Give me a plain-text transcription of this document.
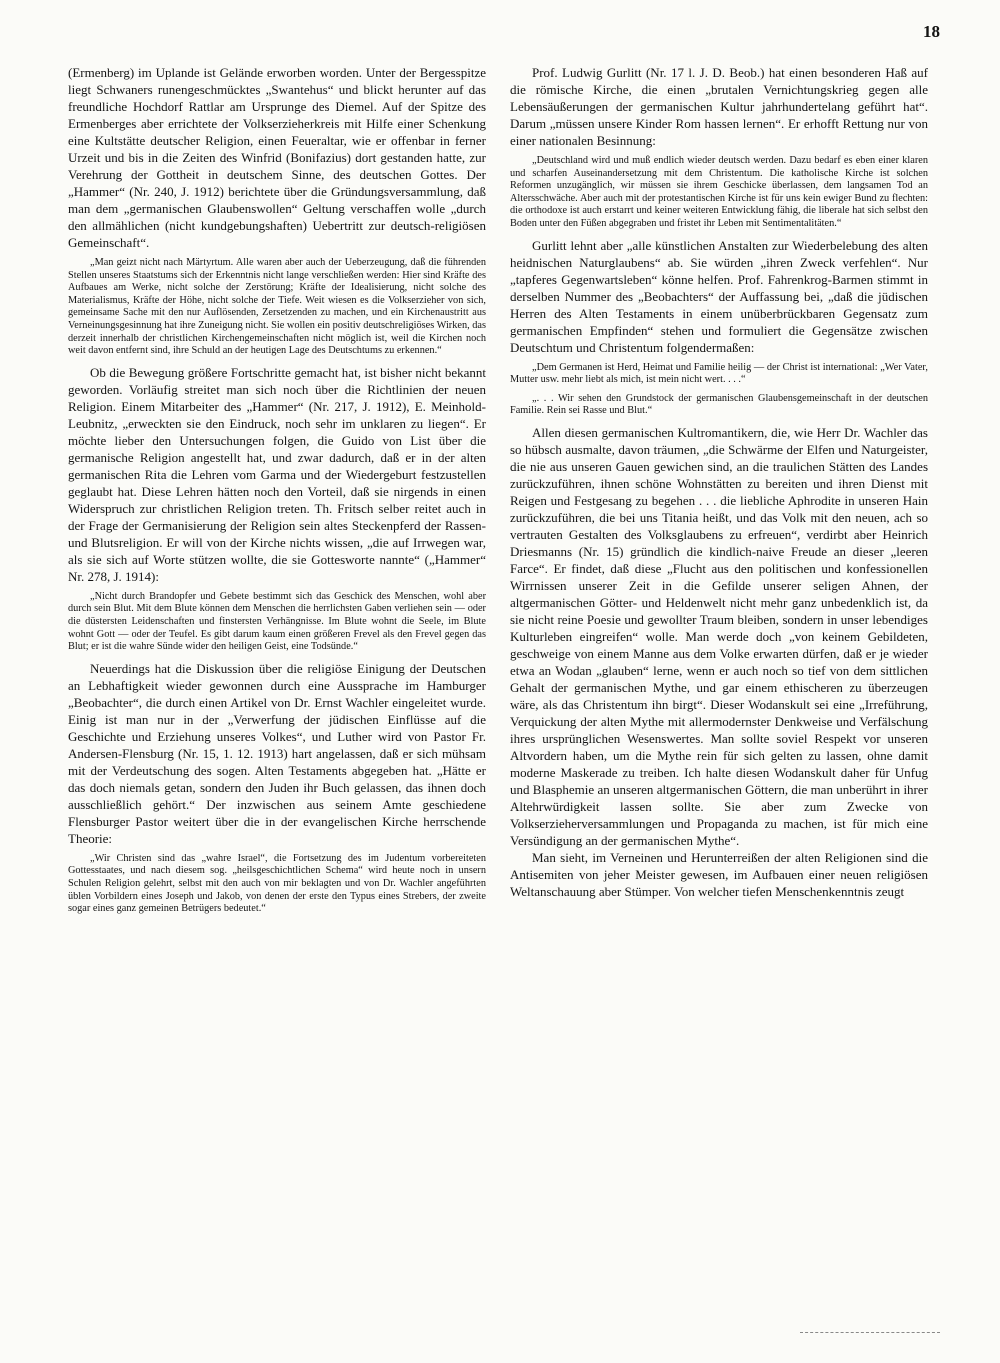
18

(Ermenberg) im Uplande ist Gelände erworben worden. Unter der Bergesspitze liegt Schwaners runengeschmücktes „Swantehus“ und blickt herunter auf das freundliche Hochdorf Rattlar am Ursprunge des Diemel. Auf der Spitze des Ermenberges aber errichtete der Volkserzieherkreis mit Hilfe einer Schenkung eine Kultstätte deutscher Religion, einen Feueraltar, wie er offenbar in ferner Urzeit und bis in die Zeiten des Winfrid (Bonifazius) dort gestanden hatte, zur Verehrung der Gottheit in deutschem Sinne, des deutschen Gottes. Der „Hammer“ (Nr. 240, J. 1912) berichtete über die Gründungsversammlung, daß man dem „germanischen Glaubenswollen“ Geltung verschaffen wolle „durch den allmählichen (nicht kundgebungshaften) Uebertritt zur deutsch-religiösen Gemeinschaft“.

„Man geizt nicht nach Märtyrtum. Alle waren aber auch der Ueberzeugung, daß die führenden Stellen unseres Staatstums sich der Erkenntnis nicht lange verschließen werden: Hier sind Kräfte des Aufbaues am Werke, nicht solche der Zerstörung; Kräfte der Idealisierung, nicht solche des Materialismus, Kräfte der Höhe, nicht solche der Tiefe. Weit wiesen es die Volkserzieher von sich, gemeinsame Sache mit den nur Auflösenden, Zersetzenden zu machen, und ein Kirchenaustritt aus Verneinungsgesinnung hat ihre Zuneigung nicht. Sie wollen ein positiv deutschreligiöses Wirken, das derzeit innerhalb der christlichen Kirchengemeinschaften nicht möglich ist, weil die Kirchen noch weit davon entfernt sind, ihre Schuld an der heutigen Lage des Deutschtums zu erkennen.“

Ob die Bewegung größere Fortschritte gemacht hat, ist bisher nicht bekannt geworden. Vorläufig streitet man sich noch über die Richtlinien der neuen Religion. Einem Mitarbeiter des „Hammer“ (Nr. 217, J. 1912), E. Meinhold-Leubnitz, „erweckten sie den Eindruck, noch sehr im unklaren zu liegen“. Er möchte lieber den Untersuchungen folgen, die Guido von List über die germanische Religion angestellt hat, und zwar dadurch, daß er in der alten germanischen Rita die Lehren vom Garma und der Wiedergeburt festzustellen geglaubt hat. Diese Lehren hätten noch den Vorteil, daß sie nirgends in einen Widerspruch zur christlichen Religion treten. Th. Fritsch selber reitet auch in der Frage der Germanisierung der Religion sein altes Steckenpferd der Rassen- und Blutsreligion. Er will von der Kirche nichts wissen, „die auf Irrwegen war, als sie sich auf Worte stützen wollte, die sie Gottesworte nannte“ („Hammer“ Nr. 278, J. 1914):

„Nicht durch Brandopfer und Gebete bestimmt sich das Geschick des Menschen, wohl aber durch sein Blut. Mit dem Blute können dem Menschen die herrlichsten Gaben verliehen sein — oder die düstersten Leidenschaften und finstersten Verhängnisse. Im Blute wohnt die Seele, im Blute wohnt Gott — oder der Teufel. Es gibt darum kaum einen größeren Frevel als den Frevel gegen das Blut; er ist die wahre Sünde wider den heiligen Geist, eine Todsünde.“

Neuerdings hat die Diskussion über die religiöse Einigung der Deutschen an Lebhaftigkeit wieder gewonnen durch eine Aussprache im Hamburger „Beobachter“, die durch einen Artikel von Dr. Ernst Wachler eingeleitet wurde. Einig ist man nur in der „Verwerfung der jüdischen Einflüsse auf die Geschichte und Erziehung unseres Volkes“, und Luther wird von Pastor Fr. Andersen-Flensburg (Nr. 15, 1. 12. 1913) hart angelassen, daß er sich mühsam mit der Verdeutschung des sogen. Alten Testaments abgegeben hat. „Hätte er das doch niemals getan, sondern den Juden ihr Buch gelassen, das ihnen doch ausschließlich gehört.“ Der inzwischen aus seinem Amte geschiedene Flensburger Pastor weitert über die in der evangelischen Kirche herrschende Theorie:

„Wir Christen sind das „wahre Israel“, die Fortsetzung des im Judentum vorbereiteten Gottesstaates, und nach diesem sog. „heilsgeschichtlichen Schema“ wird heute noch in unsern Schulen Religion gelehrt, selbst mit den auch von mir beklagten und von Dr. Wachler angeführten üblen Vorbildern eines Joseph und Jakob, von denen der erste den Typus eines Strebers, der zweite sogar eines ganz gemeinen Betrügers bedeutet.“

Prof. Ludwig Gurlitt (Nr. 17 l. J. D. Beob.) hat einen besonderen Haß auf die römische Kirche, die einen „brutalen Vernichtungskrieg gegen alle Lebensäußerungen der germanischen Kultur jahrhundertelang geführt hat“. Darum „müssen unsere Kinder Rom hassen lernen“. Er erhofft Rettung nur von einer nationalen Besinnung:

„Deutschland wird und muß endlich wieder deutsch werden. Dazu bedarf es eben einer klaren und scharfen Auseinandersetzung mit dem Christentum. Die katholische Kirche ist solchen Reformen unzugänglich, wir müssen sie ihrem Geschicke überlassen, dem langsamen Tod an Altersschwäche. Aber auch mit der protestantischen Kirche ist für uns kein ewiger Bund zu flechten: die orthodoxe ist auch erstarrt und keiner weiteren Entwicklung fähig, die liberale hat sich selbst den Boden unter den Füßen abgegraben und fristet ihr Leben mit Sentimentalitäten.“

Gurlitt lehnt aber „alle künstlichen Anstalten zur Wiederbelebung des alten heidnischen Naturglaubens“ ab. Sie würden „ihren Zweck verfehlen“. Nur „tapferes Gegenwartsleben“ könne helfen. Prof. Fahrenkrog-Barmen stimmt in derselben Nummer des „Beobachters“ der Auffassung bei, „daß die jüdischen Herren des Alten Testaments in einem unüberbrückbaren Gegensatz zum germanischen Empfinden“ stehen und formuliert die Gegensätze zwischen Deutschtum und Christentum folgendermaßen:

„Dem Germanen ist Herd, Heimat und Familie heilig — der Christ ist international: „Wer Vater, Mutter usw. mehr liebt als mich, ist mein nicht wert. . . .“

„. . . Wir sehen den Grundstock der germanischen Glaubensgemeinschaft in der deutschen Familie. Rein sei Rasse und Blut.“

Allen diesen germanischen Kultromantikern, die, wie Herr Dr. Wachler das so hübsch ausmalte, davon träumen, „die Schwärme der Elfen und Naturgeister, die nie aus unseren Gauen gewichen sind, an die traulichen Stätten des Landes zurückzuführen, ihnen schöne Wohnstätten zu bereiten und ihren Dienst mit Reigen und Festgesang zu begehen . . . die liebliche Aphrodite in unseren Hain zurückzuführen, die bei uns Titania heißt, und das Volk mit den neuen, ach so vertrauten Gestalten des Volksglaubens zu erfreuen“, verdirbt aber Heinrich Driesmanns (Nr. 15) gründlich die kindlich-naive Freude an dieser „leeren Farce“. Er findet, daß diese „Flucht aus den politischen und konfessionellen Wirrnissen unserer Zeit in die Gefilde unserer seligen Ahnen, der altgermanischen Götter- und Heldenwelt nicht mehr ganz unbedenklich ist, da sie nicht reine Poesie und gewollter Traum bleiben, sondern in unser lebendiges Kulturleben eingreifen“ wolle. Man werde doch „von keinem Gebildeten, geschweige von einem Manne aus dem Volke erwarten dürfen, daß er je wieder etwa an Wodan „glauben“ lerne, wenn er auch noch so tief von dem sittlichen Gehalt der germanischen Mythe, und gar einem ethischeren zu überzeugen wäre, als das Christentum ihn birgt“. Dieser Wodanskult sei eine „Irreführung, Verquickung der alten Mythe mit allermodernster Denkweise und Verfälschung ihres ursprünglichen Wesenswertes. Man sollte soviel Respekt vor unseren Altvordern haben, um die Mythe rein für sich gelten zu lassen, ohne damit moderne Maskerade zu treiben. Ich halte diesen Wodanskult daher für Unfug und Blasphemie an unseren altgermanischen Göttern, die man unberührt in ihrer Altehrwürdigkeit lassen sollte. Sie aber zum Zwecke von Volkserzieherversammlungen und Propaganda zu machen, ist für mich eine Versündigung an der germanischen Mythe“.

Man sieht, im Verneinen und Herunterreißen der alten Religionen sind die Antisemiten von jeher Meister gewesen, im Aufbauen einer neuen religiösen Weltanschauung aber Stümper. Von welcher tiefen Menschenkenntnis zeugt
